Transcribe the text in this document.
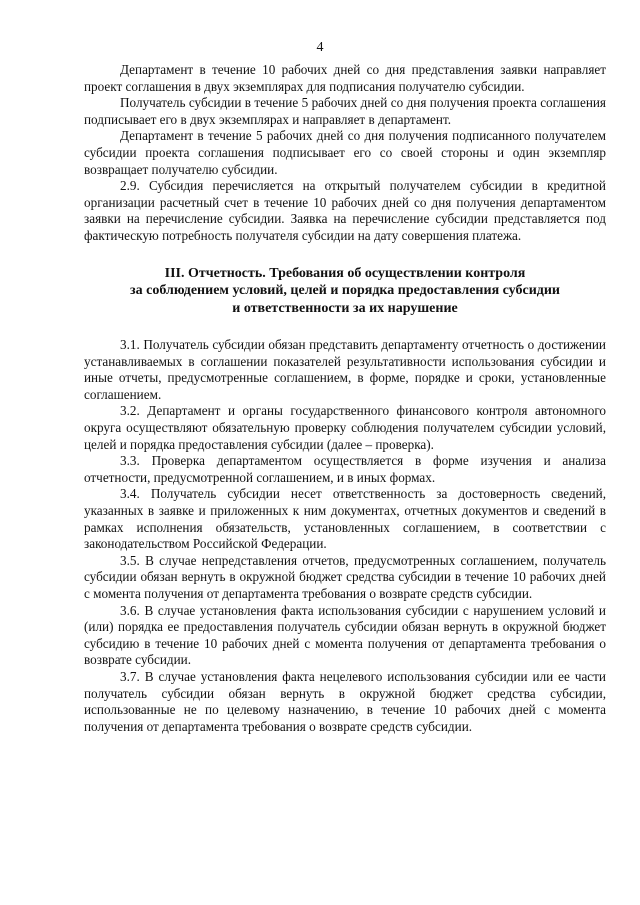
4

Департамент в течение 10 рабочих дней со дня представления заявки направляет проект соглашения в двух экземплярах для подписания получателю субсидии.

Получатель субсидии в течение 5 рабочих дней со дня получения проекта соглашения подписывает его в двух экземплярах и направляет в департамент.

Департамент в течение 5 рабочих дней со дня получения подписанного получателем субсидии проекта соглашения подписывает его со своей стороны и один экземпляр возвращает получателю субсидии.

2.9. Субсидия перечисляется на открытый получателем субсидии в кредитной организации расчетный счет в течение 10 рабочих дней со дня получения департаментом заявки на перечисление субсидии. Заявка на перечисление субсидии представляется под фактическую потребность получателя субсидии на дату совершения платежа.

III. Отчетность. Требования об осуществлении контроля
за соблюдением условий, целей и порядка предоставления субсидии
и ответственности за их нарушение

3.1. Получатель субсидии обязан представить департаменту отчетность о достижении устанавливаемых в соглашении показателей результативности использования субсидии и иные отчеты, предусмотренные соглашением, в форме, порядке и сроки, установленные соглашением.

3.2. Департамент и органы государственного финансового контроля автономного округа осуществляют обязательную проверку соблюдения получателем субсидии условий, целей и порядка предоставления субсидии (далее – проверка).

3.3. Проверка департаментом осуществляется в форме изучения и анализа отчетности, предусмотренной соглашением, и в иных формах.

3.4. Получатель субсидии несет ответственность за достоверность сведений, указанных в заявке и приложенных к ним документах, отчетных документов и сведений в рамках исполнения обязательств, установленных соглашением, в соответствии с законодательством Российской Федерации.

3.5. В случае непредставления отчетов, предусмотренных соглашением, получатель субсидии обязан вернуть в окружной бюджет средства субсидии в течение 10 рабочих дней с момента получения от департамента требования о возврате средств субсидии.

3.6. В случае установления факта использования субсидии с нарушением условий и (или) порядка ее предоставления получатель субсидии обязан вернуть в окружной бюджет субсидию в течение 10 рабочих дней с момента получения от департамента требования о возврате субсидии.

3.7. В случае установления факта нецелевого использования субсидии или ее части получатель субсидии обязан вернуть в окружной бюджет средства субсидии, использованные не по целевому назначению, в течение 10 рабочих дней с момента получения от департамента требования о возврате средств субсидии.
